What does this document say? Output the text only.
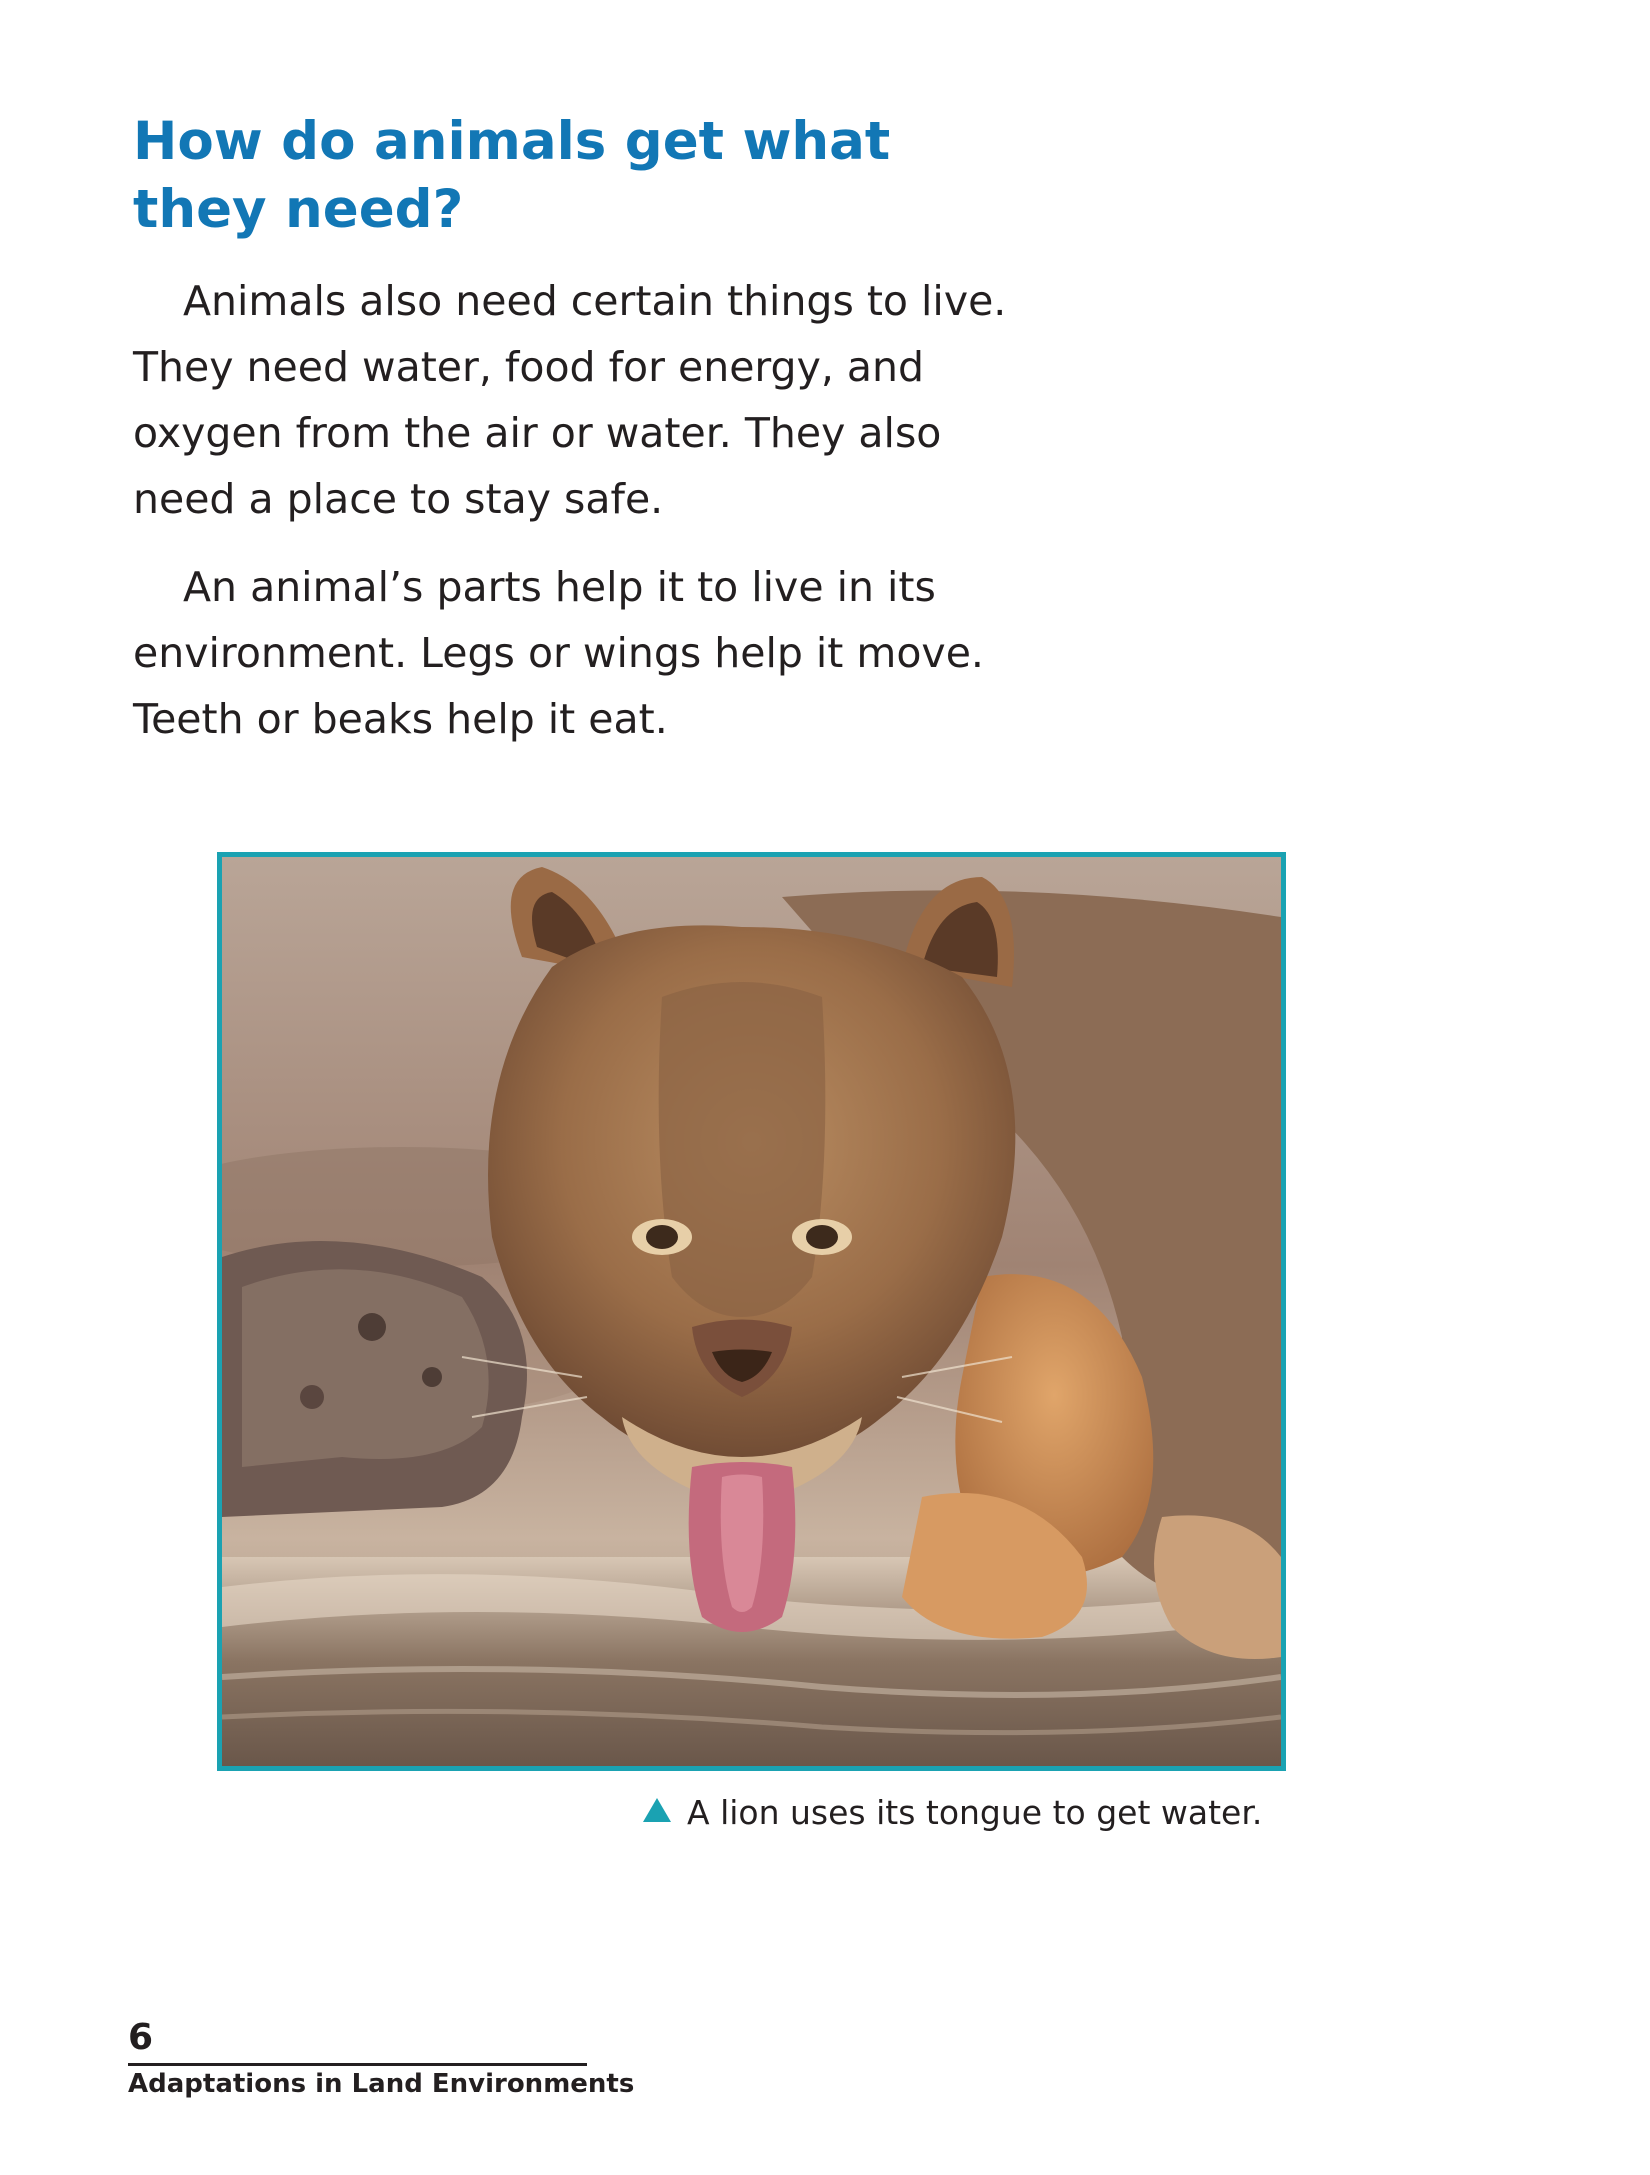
How do animals get what
they need?

Animals also need certain things to live.
They need water, food for energy, and
oxygen from the air or water. They also
need a place to stay safe.

An animal’s parts help it to live in its
environment. Legs or wings help it move.
Teeth or beaks help it eat.

A lion uses its tongue to get water.
6
Adaptations in Land Environments
